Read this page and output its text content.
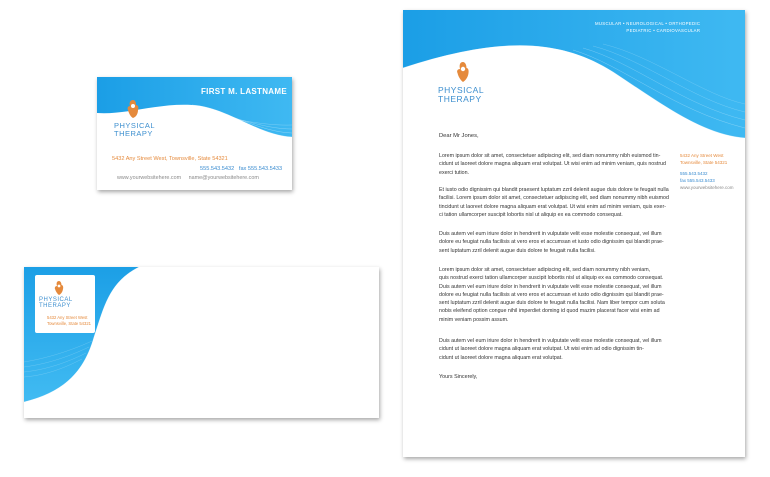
FIRST M. LASTNAME
PHYSICAL
THERAPY
5432 Any Street West, Townsville, State 54321
555.543.5432 fax 555.543.5433
www.yourwebsitehere.com name@yourwebsitehere.com
PHYSICAL
THERAPY
5432 Any Street West
Townsville, State 54321
MUSCULAR • NEUROLOGICAL • ORTHOPEDIC
PEDIATRIC • CARDIOVASCULAR
PHYSICAL
THERAPY
5432 Any Street West
Townsville, State 54321
555.543.5432
fax 555.543.5433
www.yourwebsitehere.com
Dear Mr Jones,
Lorem ipsum dolor sit amet, consectetuer adipiscing elit, sed diam nonummy nibh euismod tin-
cidunt ut laoreet dolore magna aliquam erat volutpat. Ut wisi enim ad minim veniam, quis nostrud
exerci tution.
Et iusto odio dignissim qui blandit praesent luptatum zzril delenit augue duis dolore te feugait nulla
facilisi. Lorem ipsum dolor sit amet, consectetuer adipiscing elit, sed diam nonummy nibh euismod
tincidunt ut laoreet dolore magna aliquam erat volutpat. Ut wisi enim ad minim veniam, quis exer-
ci tation ullamcorper suscipit lobortis nisl ut aliquip ex ea commodo consequat.
Duis autem vel eum iriure dolor in hendrerit in vulputate velit esse molestie consequat, vel illum
dolore eu feugiat nulla facilisis at vero eros et accumsan et iusto odio dignissim qui blandit prae-
sent luptatum zzril delenit augue duis dolore te feugait nulla facilisi.
Lorem ipsum dolor sit amet, consectetuer adipiscing elit, sed diam nonummy nibh veniam,
quis nostrud exerci tation ullamcorper suscipit lobortis nisl ut aliquip ex ea commodo consequat.
Duis autem vel eum iriure dolor in hendrerit in vulputate velit esse molestie consequat, vel illum
dolore eu feugiat nulla facilisis at vero eros et accumsan et iusto odio dignissim qui blandit prae-
sent luptatum zzril delenit augue duis dolore te feugait nulla facilisi. Nam liber tempor cum soluta
nobis eleifend option congue nihil imperdiet doming id quod mazim placerat facer wisi enim ad
minim veniam possim assum.
Duis autem vel eum iriure dolor in hendrerit in vulputate velit esse molestie consequat, vel illum
cidunt ut laoreet dolore magna aliquam erat volutpat. Ut wisi enim ad odio dignissim tin-
cidunt ut laoreet dolore magna aliquam erat volutpat.
Yours Sincerely,
